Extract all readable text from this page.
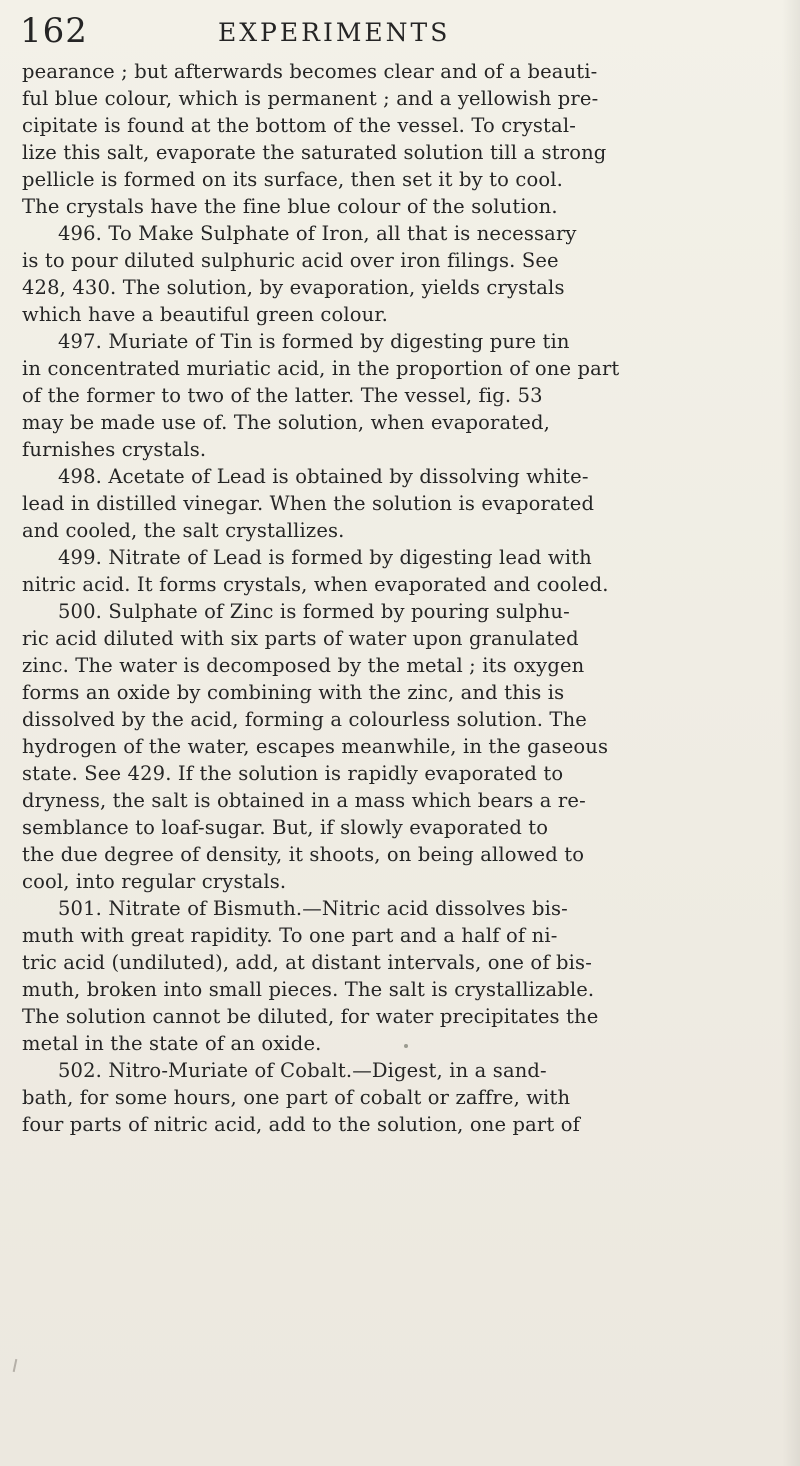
162	EXPERIMENTS
pearance ; but afterwards becomes clear and of a beauti-
ful blue colour, which is permanent ; and a yellowish pre-
cipitate is found at the bottom of the vessel. To crystal-
lize this salt, evaporate the saturated solution till a strong
pellicle is formed on its surface, then set it by to cool.
The crystals have the fine blue colour of the solution.
496. To Make Sulphate of Iron, all that is necessary
is to pour diluted sulphuric acid over iron filings. See
428, 430. The solution, by evaporation, yields crystals
which have a beautiful green colour.
497. Muriate of Tin is formed by digesting pure tin
in concentrated muriatic acid, in the proportion of one part
of the former to two of the latter. The vessel, fig. 53
may be made use of. The solution, when evaporated,
furnishes crystals.
498. Acetate of Lead is obtained by dissolving white-
lead in distilled vinegar. When the solution is evaporated
and cooled, the salt crystallizes.
499. Nitrate of Lead is formed by digesting lead with
nitric acid. It forms crystals, when evaporated and cooled.
500. Sulphate of Zinc is formed by pouring sulphu-
ric acid diluted with six parts of water upon granulated
zinc. The water is decomposed by the metal ; its oxygen
forms an oxide by combining with the zinc, and this is
dissolved by the acid, forming a colourless solution. The
hydrogen of the water, escapes meanwhile, in the gaseous
state. See 429. If the solution is rapidly evaporated to
dryness, the salt is obtained in a mass which bears a re-
semblance to loaf-sugar. But, if slowly evaporated to
the due degree of density, it shoots, on being allowed to
cool, into regular crystals.
501. Nitrate of Bismuth.—Nitric acid dissolves bis-
muth with great rapidity. To one part and a half of ni-
tric acid (undiluted), add, at distant intervals, one of bis-
muth, broken into small pieces. The salt is crystallizable.
The solution cannot be diluted, for water precipitates the
metal in the state of an oxide.
502. Nitro-Muriate of Cobalt.—Digest, in a sand-
bath, for some hours, one part of cobalt or zaffre, with
four parts of nitric acid, add to the solution, one part of
